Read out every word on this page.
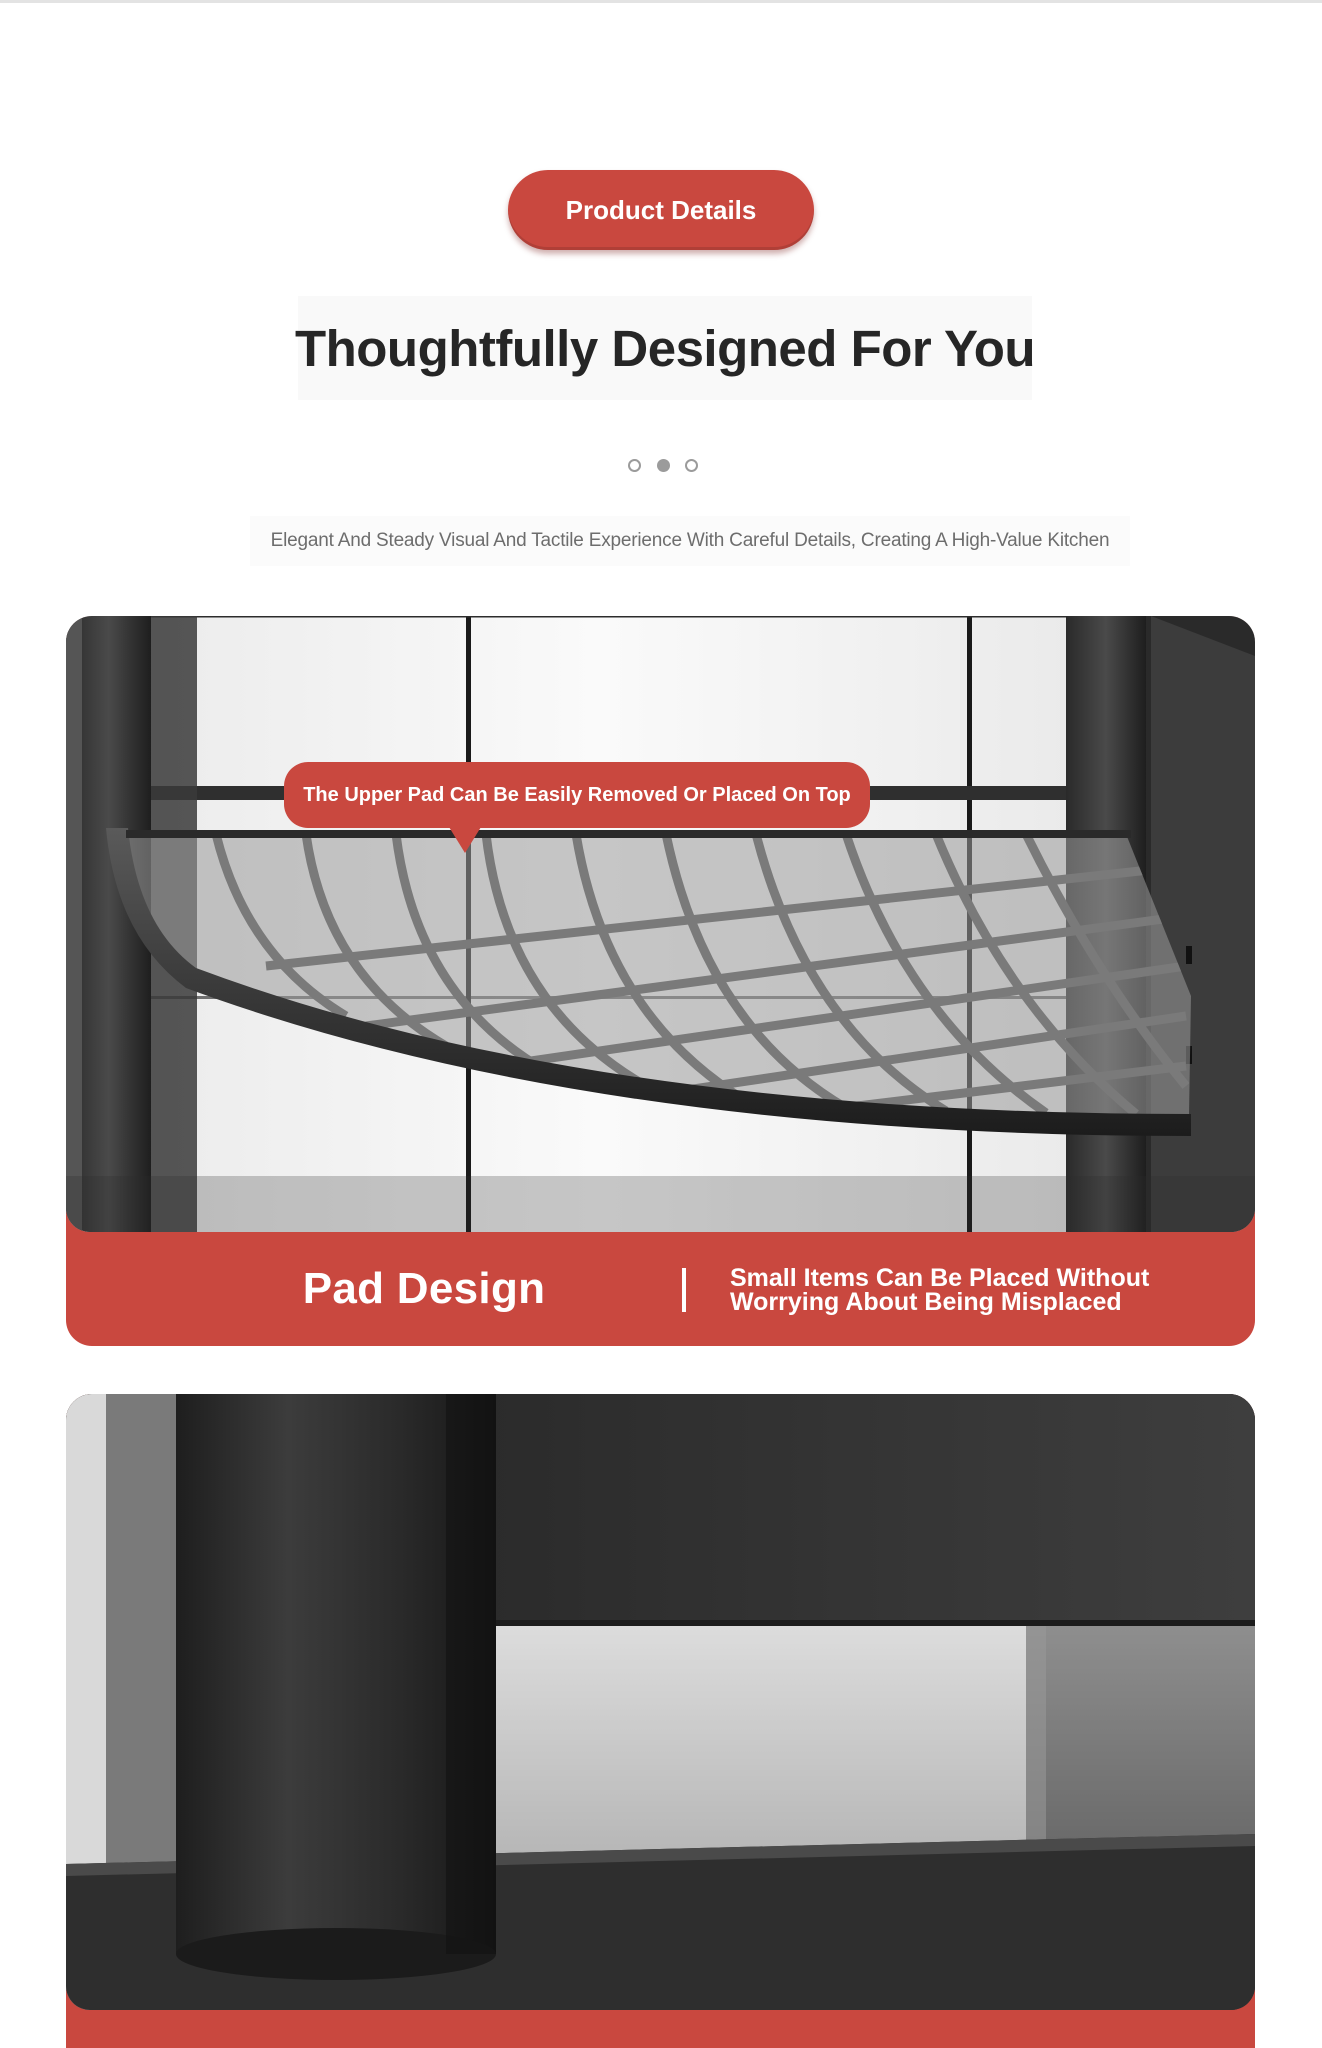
Product Details
Thoughtfully Designed For You
Elegant And Steady Visual And Tactile Experience With Careful Details, Creating A High-Value Kitchen
The Upper Pad Can Be Easily Removed Or Placed On Top
Pad Design	Small Items Can Be Placed Without
Worrying About Being Misplaced
